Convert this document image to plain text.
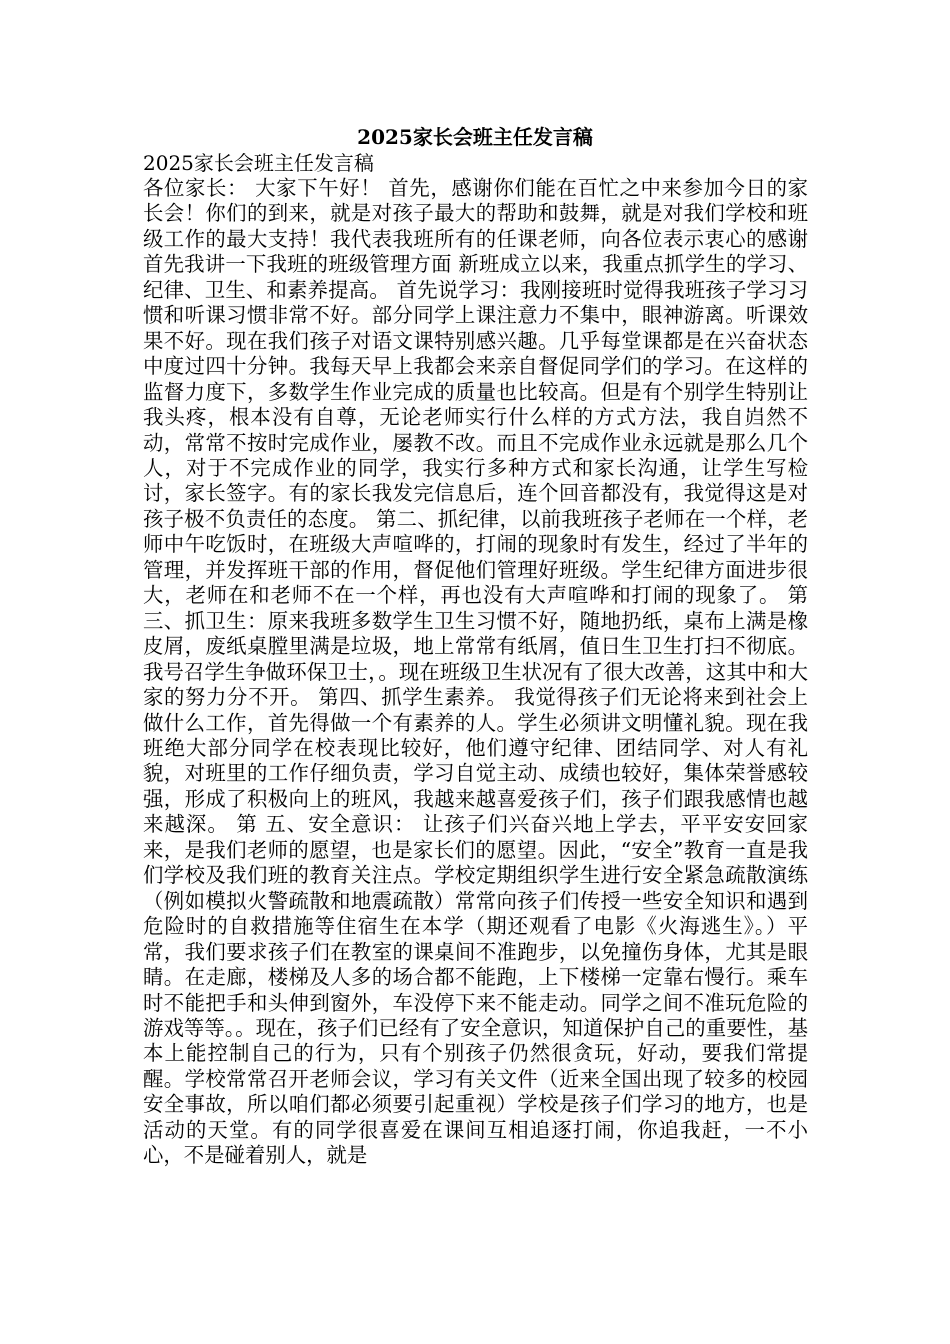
2025家长会班主任发言稿
2025家长会班主任发言稿

各位家长： 大家下午好！ 首先，感谢你们能在百忙之中来参加今日的家长会！你们的到来，就是对孩子最大的帮助和鼓舞，就是对我们学校和班级工作的最大支持！我代表我班所有的任课老师，向各位表示衷心的感谢 首先我讲一下我班的班级管理方面 新班成立以来，我重点抓学生的学习、纪律、卫生、和素养提高。 首先说学习：我刚接班时觉得我班孩子学习习惯和听课习惯非常不好。部分同学上课注意力不集中，眼神游离。听课效果不好。现在我们孩子对语文课特别感兴趣。几乎每堂课都是在兴奋状态中度过四十分钟。我每天早上我都会来亲自督促同学们的学习。在这样的监督力度下，多数学生作业完成的质量也比较高。但是有个别学生特别让我头疼，根本没有自尊，无论老师实行什么样的方式方法，我自岿然不动，常常不按时完成作业，屡教不改。而且不完成作业永远就是那么几个人，对于不完成作业的同学，我实行多种方式和家长沟通，让学生写检讨，家长签字。有的家长我发完信息后，连个回音都没有，我觉得这是对孩子极不负责任的态度。 第二、抓纪律，以前我班孩子老师在一个样，老师中午吃饭时，在班级大声喧哗的，打闹的现象时有发生，经过了半年的管理，并发挥班干部的作用，督促他们管理好班级。学生纪律方面进步很大，老师在和老师不在一个样，再也没有大声喧哗和打闹的现象了。 第三、抓卫生：原来我班多数学生卫生习惯不好，随地扔纸，桌布上满是橡皮屑，废纸桌膛里满是垃圾，地上常常有纸屑，值日生卫生打扫不彻底。我号召学生争做环保卫士，。现在班级卫生状况有了很大改善，这其中和大家的努力分不开。 第四、抓学生素养。 我觉得孩子们无论将来到社会上做什么工作，首先得做一个有素养的人。学生必须讲文明懂礼貌。现在我班绝大部分同学在校表现比较好，他们遵守纪律、团结同学、对人有礼貌，对班里的工作仔细负责，学习自觉主动、成绩也较好，集体荣誉感较强，形成了积极向上的班风，我越来越喜爱孩子们，孩子们跟我感情也越来越深。 第 五、安全意识： 让孩子们兴奋兴地上学去，平平安安回家来，是我们老师的愿望，也是家长们的愿望。因此，“安全”教育一直是我们学校及我们班的教育关注点。学校定期组织学生进行安全紧急疏散演练（例如模拟火警疏散和地震疏散）常常向孩子们传授一些安全知识和遇到危险时的自救措施等住宿生在本学（期还观看了电影《火海逃生》。）平常，我们要求孩子们在教室的课桌间不准跑步，以免撞伤身体，尤其是眼睛。在走廊，楼梯及人多的场合都不能跑，上下楼梯一定靠右慢行。乘车时不能把手和头伸到窗外，车没停下来不能走动。同学之间不准玩危险的游戏等等。。现在，孩子们已经有了安全意识，知道保护自己的重要性，基本上能控制自己的行为，只有个别孩子仍然很贪玩，好动，要我们常提醒。学校常常召开老师会议，学习有关文件（近来全国出现了较多的校园安全事故，所以咱们都必须要引起重视）学校是孩子们学习的地方，也是活动的天堂。有的同学很喜爱在课间互相追逐打闹，你追我赶，一不小心，不是碰着别人，就是
